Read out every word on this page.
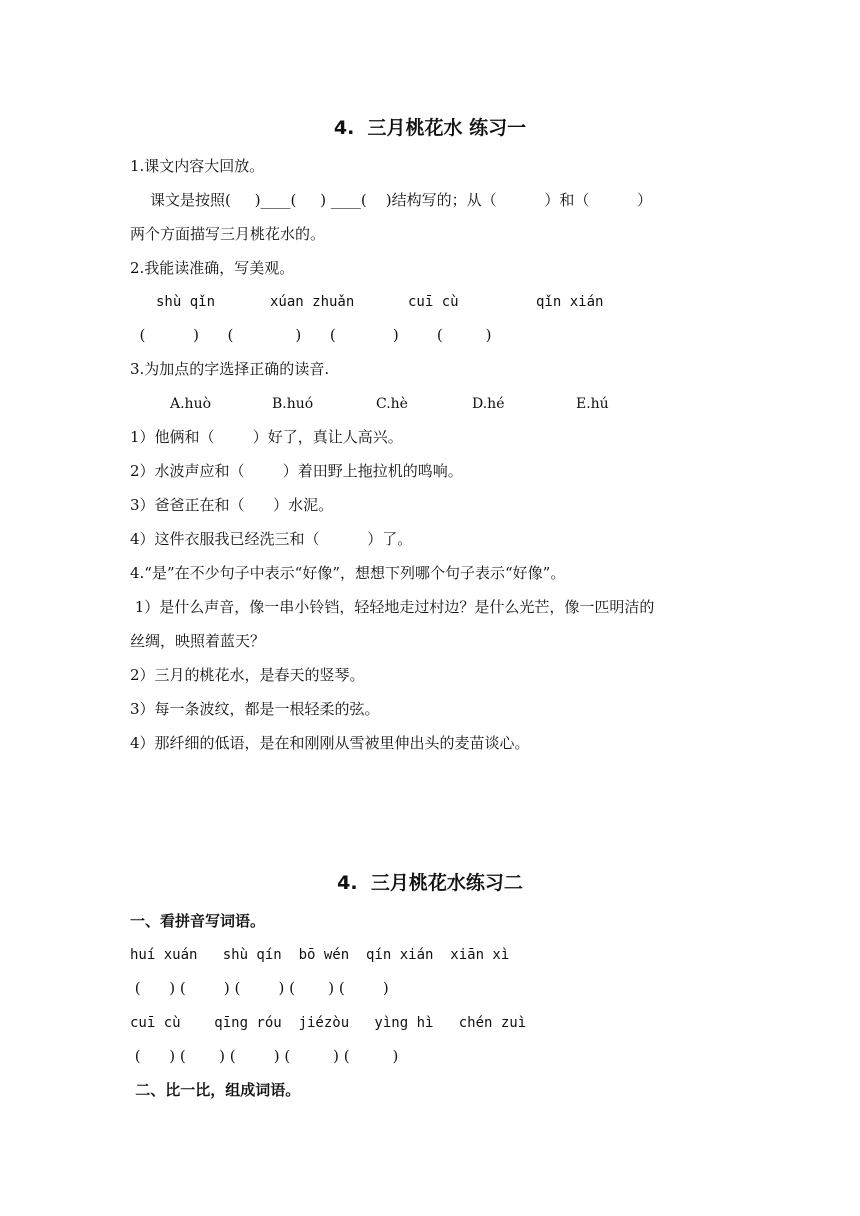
4.  三月桃花水 练习一
1.课文内容大回放。
课文是按照(     )____(     ) ____(    )结构写的；从（          ）和（          ）
两个方面描写三月桃花水的。
2.我能读准确，写美观。
shù qǐn	xúan zhuǎn	cuī cù	qǐn xián
(          )      (             )      (            )        (         )
3.为加点的字选择正确的读音.
A.huò	B.huó	C.hè	D.hé	E.hú
1）他俩和（        ）好了，真让人高兴。
2）水波声应和（        ）着田野上拖拉机的鸣响。
3）爸爸正在和（      ）水泥。
4）这件衣服我已经洗三和（          ）了。
4.“是”在不少句子中表示“好像”，想想下列哪个句子表示“好像”。
1）是什么声音，像一串小铃铛，轻轻地走过村边？是什么光芒，像一匹明洁的
丝绸，映照着蓝天？
2）三月的桃花水，是春天的竖琴。
3）每一条波纹，都是一根轻柔的弦。
4）那纤细的低语，是在和刚刚从雪被里伸出头的麦苗谈心。
4.  三月桃花水练习二
一、看拼音写词语。
huí xuán   shù qín  bō wén  qín xián  xiān xì
(      ) (        ) (        ) (       ) (        )
cuī cù    qīng róu  jiézòu   yìng hì   chén zuì
(      ) (       ) (        ) (         ) (         )
二、比一比，组成词语。
